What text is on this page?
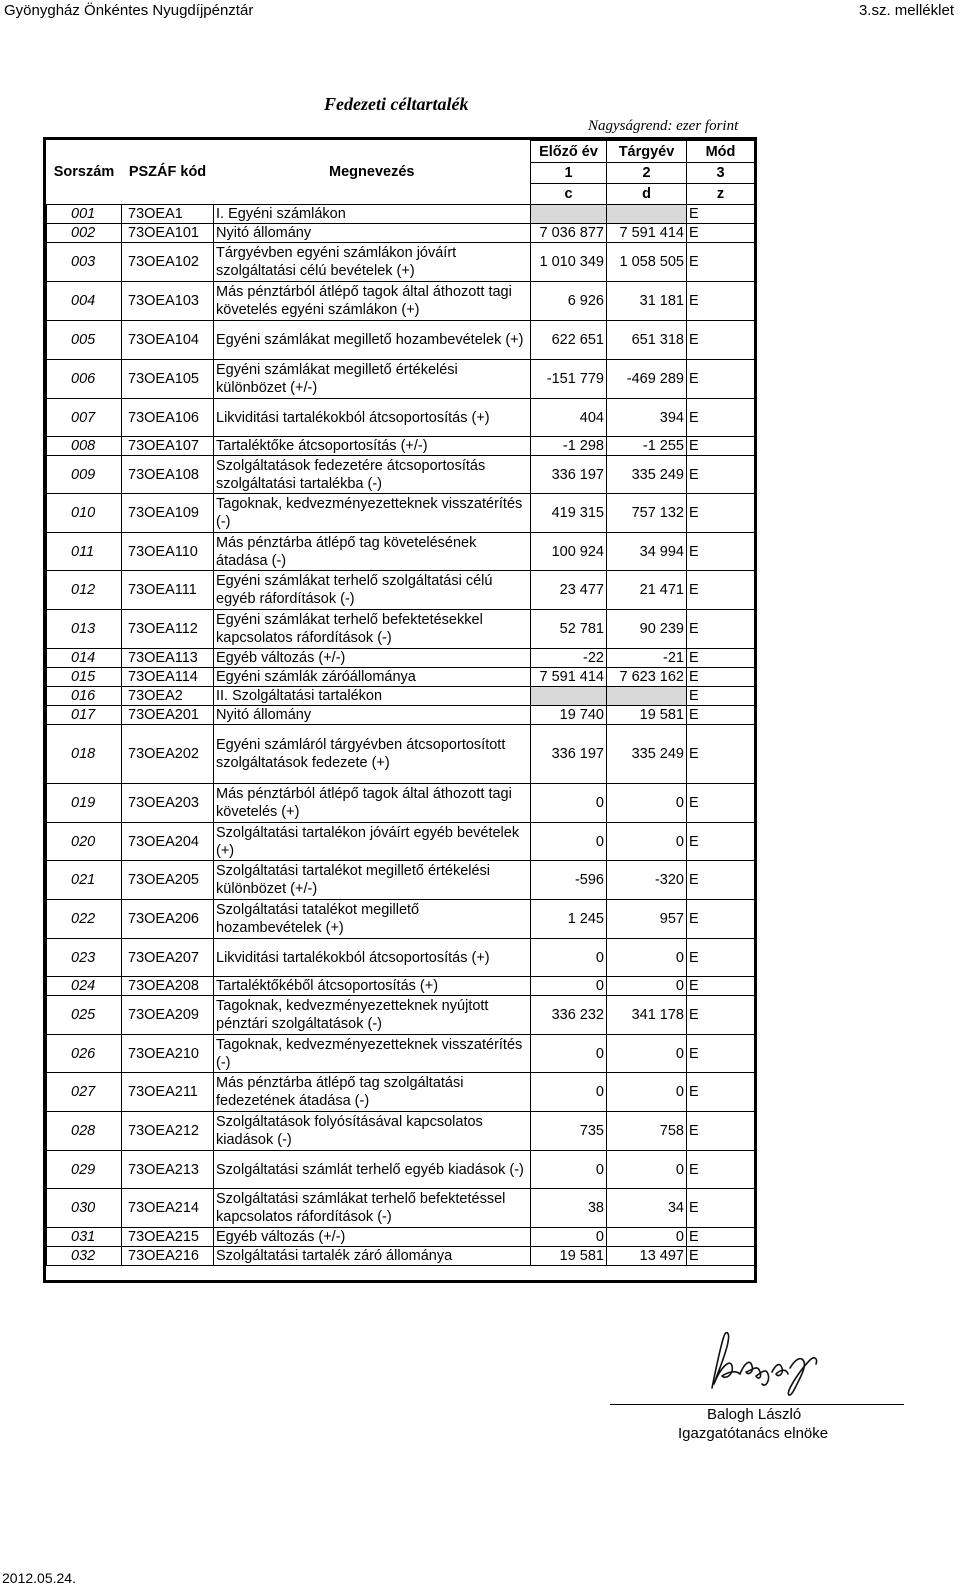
Gyönygház Önkéntes Nyugdíjpénztár	3.sz. melléklet
Fedezeti céltartalék
Nagyságrend: ezer forint
Sorszám	PSZÁF kód	Megnevezés	Előző év	Tárgyév	Mód
			1	2	3
			c	d	z
001	73OEA1	I. Egyéni számlákon			E
002	73OEA101	Nyitó állomány	7 036 877	7 591 414	E
003	73OEA102	Tárgyévben egyéni számlákon jóváírt szolgáltatási célú bevételek (+)	1 010 349	1 058 505	E
004	73OEA103	Más pénztárból átlépő tagok által áthozott tagi követelés egyéni számlákon (+)	6 926	31 181	E
005	73OEA104	Egyéni számlákat megillető hozambevételek (+)	622 651	651 318	E
006	73OEA105	Egyéni számlákat megillető értékelési különbözet (+/-)	-151 779	-469 289	E
007	73OEA106	Likviditási tartalékokból átcsoportosítás (+)	404	394	E
008	73OEA107	Tartaléktőke átcsoportosítás (+/-)	-1 298	-1 255	E
009	73OEA108	Szolgáltatások fedezetére átcsoportosítás szolgáltatási tartalékba (-)	336 197	335 249	E
010	73OEA109	Tagoknak, kedvezményezetteknek visszatérítés (-)	419 315	757 132	E
011	73OEA110	Más pénztárba átlépő tag követelésének átadása (-)	100 924	34 994	E
012	73OEA111	Egyéni számlákat terhelő szolgáltatási célú egyéb ráfordítások (-)	23 477	21 471	E
013	73OEA112	Egyéni számlákat terhelő befektetésekkel kapcsolatos ráfordítások (-)	52 781	90 239	E
014	73OEA113	Egyéb változás (+/-)	-22	-21	E
015	73OEA114	Egyéni számlák záróállománya	7 591 414	7 623 162	E
016	73OEA2	II. Szolgáltatási tartalékon			E
017	73OEA201	Nyitó állomány	19 740	19 581	E
018	73OEA202	Egyéni számláról tárgyévben átcsoportosított szolgáltatások fedezete (+)	336 197	335 249	E
019	73OEA203	Más pénztárból átlépő tagok által áthozott tagi követelés (+)	0	0	E
020	73OEA204	Szolgáltatási tartalékon jóváírt egyéb bevételek (+)	0	0	E
021	73OEA205	Szolgáltatási tartalékot megillető értékelési különbözet (+/-)	-596	-320	E
022	73OEA206	Szolgáltatási tatalékot megillető hozambevételek (+)	1 245	957	E
023	73OEA207	Likviditási tartalékokból átcsoportosítás (+)	0	0	E
024	73OEA208	Tartaléktőkéből átcsoportosítás (+)	0	0	E
025	73OEA209	Tagoknak, kedvezményezetteknek nyújtott pénztári szolgáltatások (-)	336 232	341 178	E
026	73OEA210	Tagoknak, kedvezményezetteknek visszatérítés (-)	0	0	E
027	73OEA211	Más pénztárba átlépő tag szolgáltatási fedezetének átadása (-)	0	0	E
028	73OEA212	Szolgáltatások folyósításával kapcsolatos kiadások (-)	735	758	E
029	73OEA213	Szolgáltatási számlát terhelő egyéb kiadások (-)	0	0	E
030	73OEA214	Szolgáltatási számlákat terhelő befektetéssel kapcsolatos ráfordítások (-)	38	34	E
031	73OEA215	Egyéb változás (+/-)	0	0	E
032	73OEA216	Szolgáltatási tartalék záró állománya	19 581	13 497	E
Balogh László
Igazgatótanács elnöke
2012.05.24.
